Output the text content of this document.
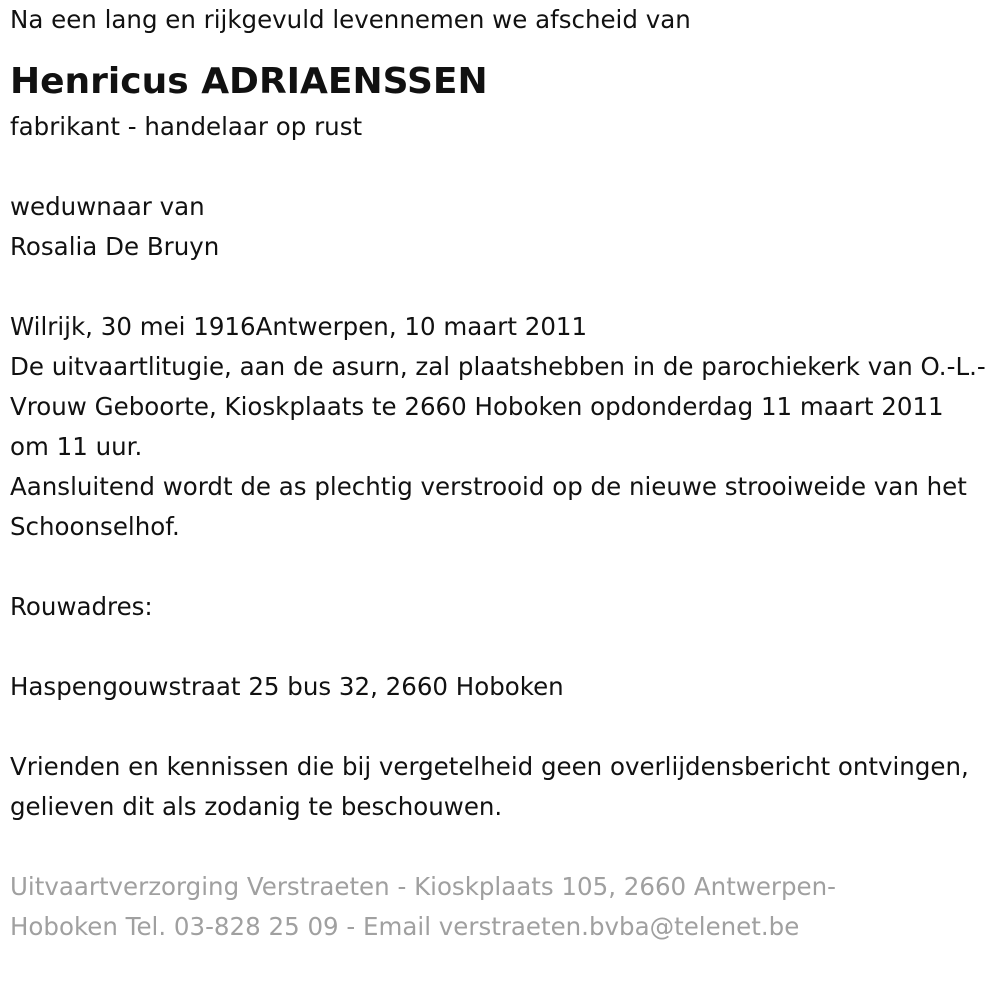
Na een lang en rijkgevuld levennemen we afscheid van
Henricus ADRIAENSSEN
fabrikant - handelaar op rust
weduwnaar van
Rosalia De Bruyn
Wilrijk, 30 mei 1916Antwerpen, 10 maart 2011
De uitvaartlitugie, aan de asurn, zal plaatshebben in de parochiekerk van O.-L.-Vrouw Geboorte, Kioskplaats te 2660 Hoboken opdonderdag 11 maart 2011 om 11 uur.
Aansluitend wordt de as plechtig verstrooid op de nieuwe strooiweide van het Schoonselhof.
Rouwadres:
Haspengouwstraat 25 bus 32, 2660 Hoboken
Vrienden en kennissen die bij vergetelheid geen overlijdensbericht ontvingen, gelieven dit als zodanig te beschouwen.
Uitvaartverzorging Verstraeten - Kioskplaats 105, 2660 Antwerpen-
Hoboken Tel. 03-828 25 09 - Email verstraeten.bvba@telenet.be
